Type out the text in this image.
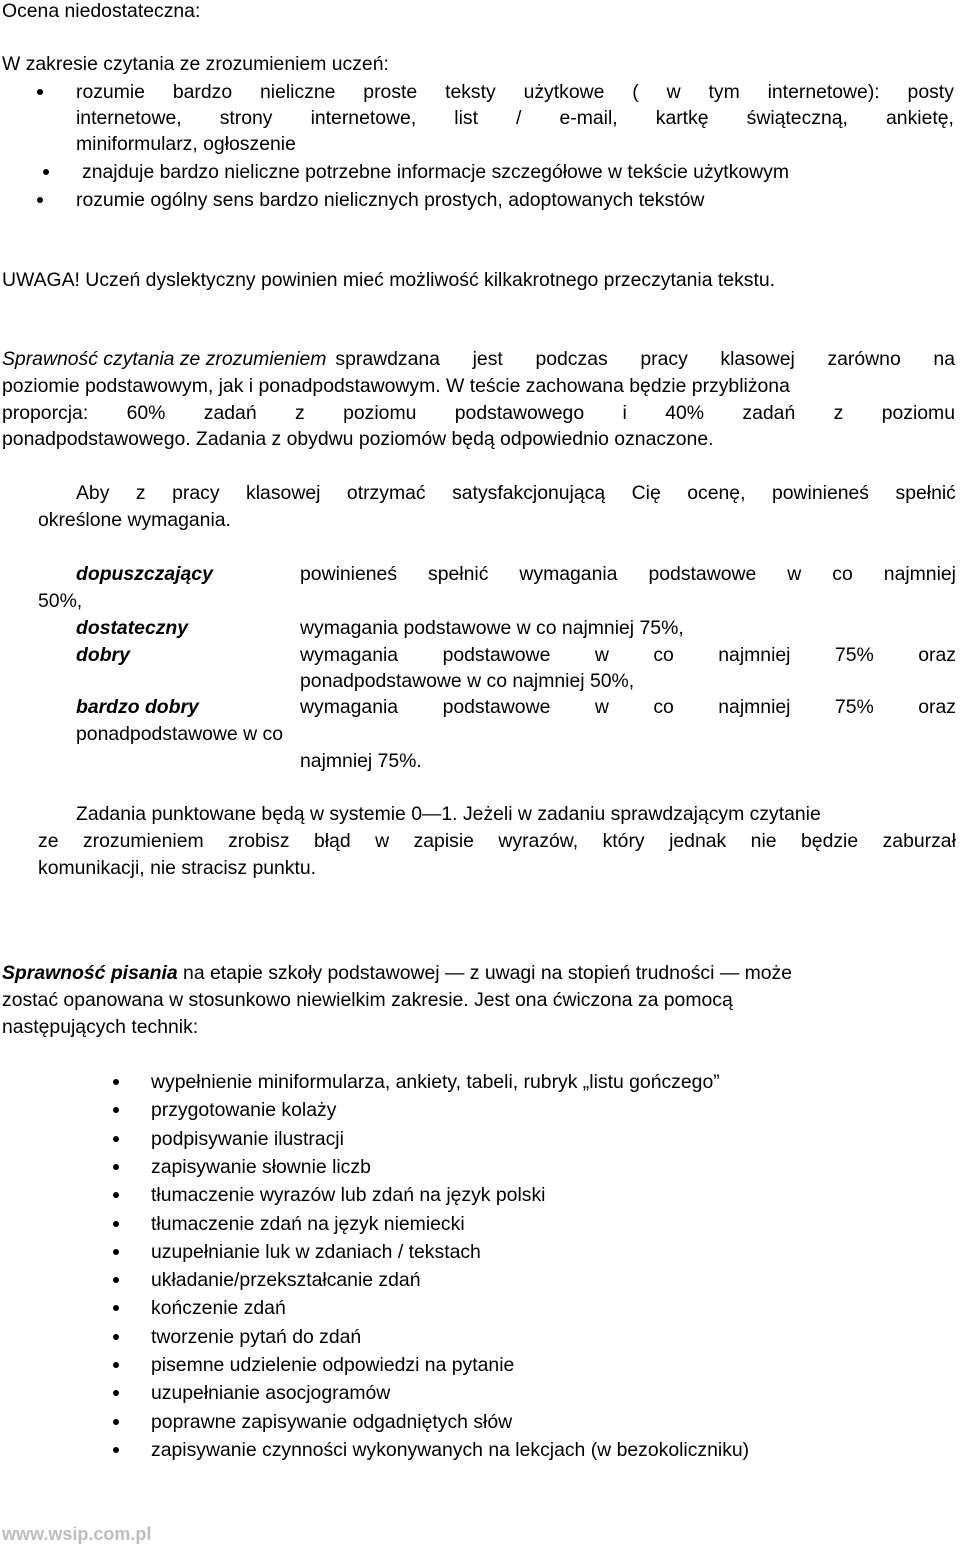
Ocena niedostateczna:
W zakresie czytania ze zrozumieniem uczeń:
rozumie bardzo nieliczne proste teksty użytkowe ( w tym internetowe): posty
internetowe, strony internetowe, list / e-mail, kartkę świąteczną, ankietę,
miniformularz, ogłoszenie
znajduje bardzo nieliczne potrzebne informacje szczegółowe w tekście użytkowym
rozumie ogólny sens bardzo nielicznych prostych, adoptowanych tekstów
UWAGA! Uczeń dyslektyczny powinien mieć możliwość kilkakrotnego przeczytania tekstu.
Sprawność czytania ze zrozumieniem sprawdzana jest podczas pracy klasowej zarówno na
poziomie podstawowym, jak i ponadpodstawowym. W teście zachowana będzie przybliżona
proporcja: 60% zadań z poziomu podstawowego i 40% zadań z poziomu
ponadpodstawowego. Zadania z obydwu poziomów będą odpowiednio oznaczone.
Aby z pracy klasowej otrzymać satysfakcjonującą Cię ocenę, powinieneś spełnić
określone wymagania.
dopuszczający	powinieneś spełnić wymagania podstawowe w co najmniej
50%,
dostateczny	wymagania podstawowe w co najmniej 75%,
dobry	wymagania podstawowe w co najmniej 75% oraz
ponadpodstawowe w co najmniej 50%,
bardzo dobry	wymagania podstawowe w co najmniej 75% oraz
ponadpodstawowe w co
najmniej 75%.
Zadania punktowane będą w systemie 0—1. Jeżeli w zadaniu sprawdzającym czytanie
ze zrozumieniem zrobisz błąd w zapisie wyrazów, który jednak nie będzie zaburzał
komunikacji, nie stracisz punktu.
Sprawność pisania na etapie szkoły podstawowej — z uwagi na stopień trudności — może
zostać opanowana w stosunkowo niewielkim zakresie. Jest ona ćwiczona za pomocą
następujących technik:
wypełnienie miniformularza, ankiety, tabeli, rubryk „listu gończego”
przygotowanie kolaży
podpisywanie ilustracji
zapisywanie słownie liczb
tłumaczenie wyrazów lub zdań na język polski
tłumaczenie zdań na język niemiecki
uzupełnianie luk w zdaniach / tekstach
układanie/przekształcanie zdań
kończenie zdań
tworzenie pytań do zdań
pisemne udzielenie odpowiedzi na pytanie
uzupełnianie asocjogramów
poprawne zapisywanie odgadniętych słów
zapisywanie czynności wykonywanych na lekcjach (w bezokoliczniku)
www.wsip.com.pl
